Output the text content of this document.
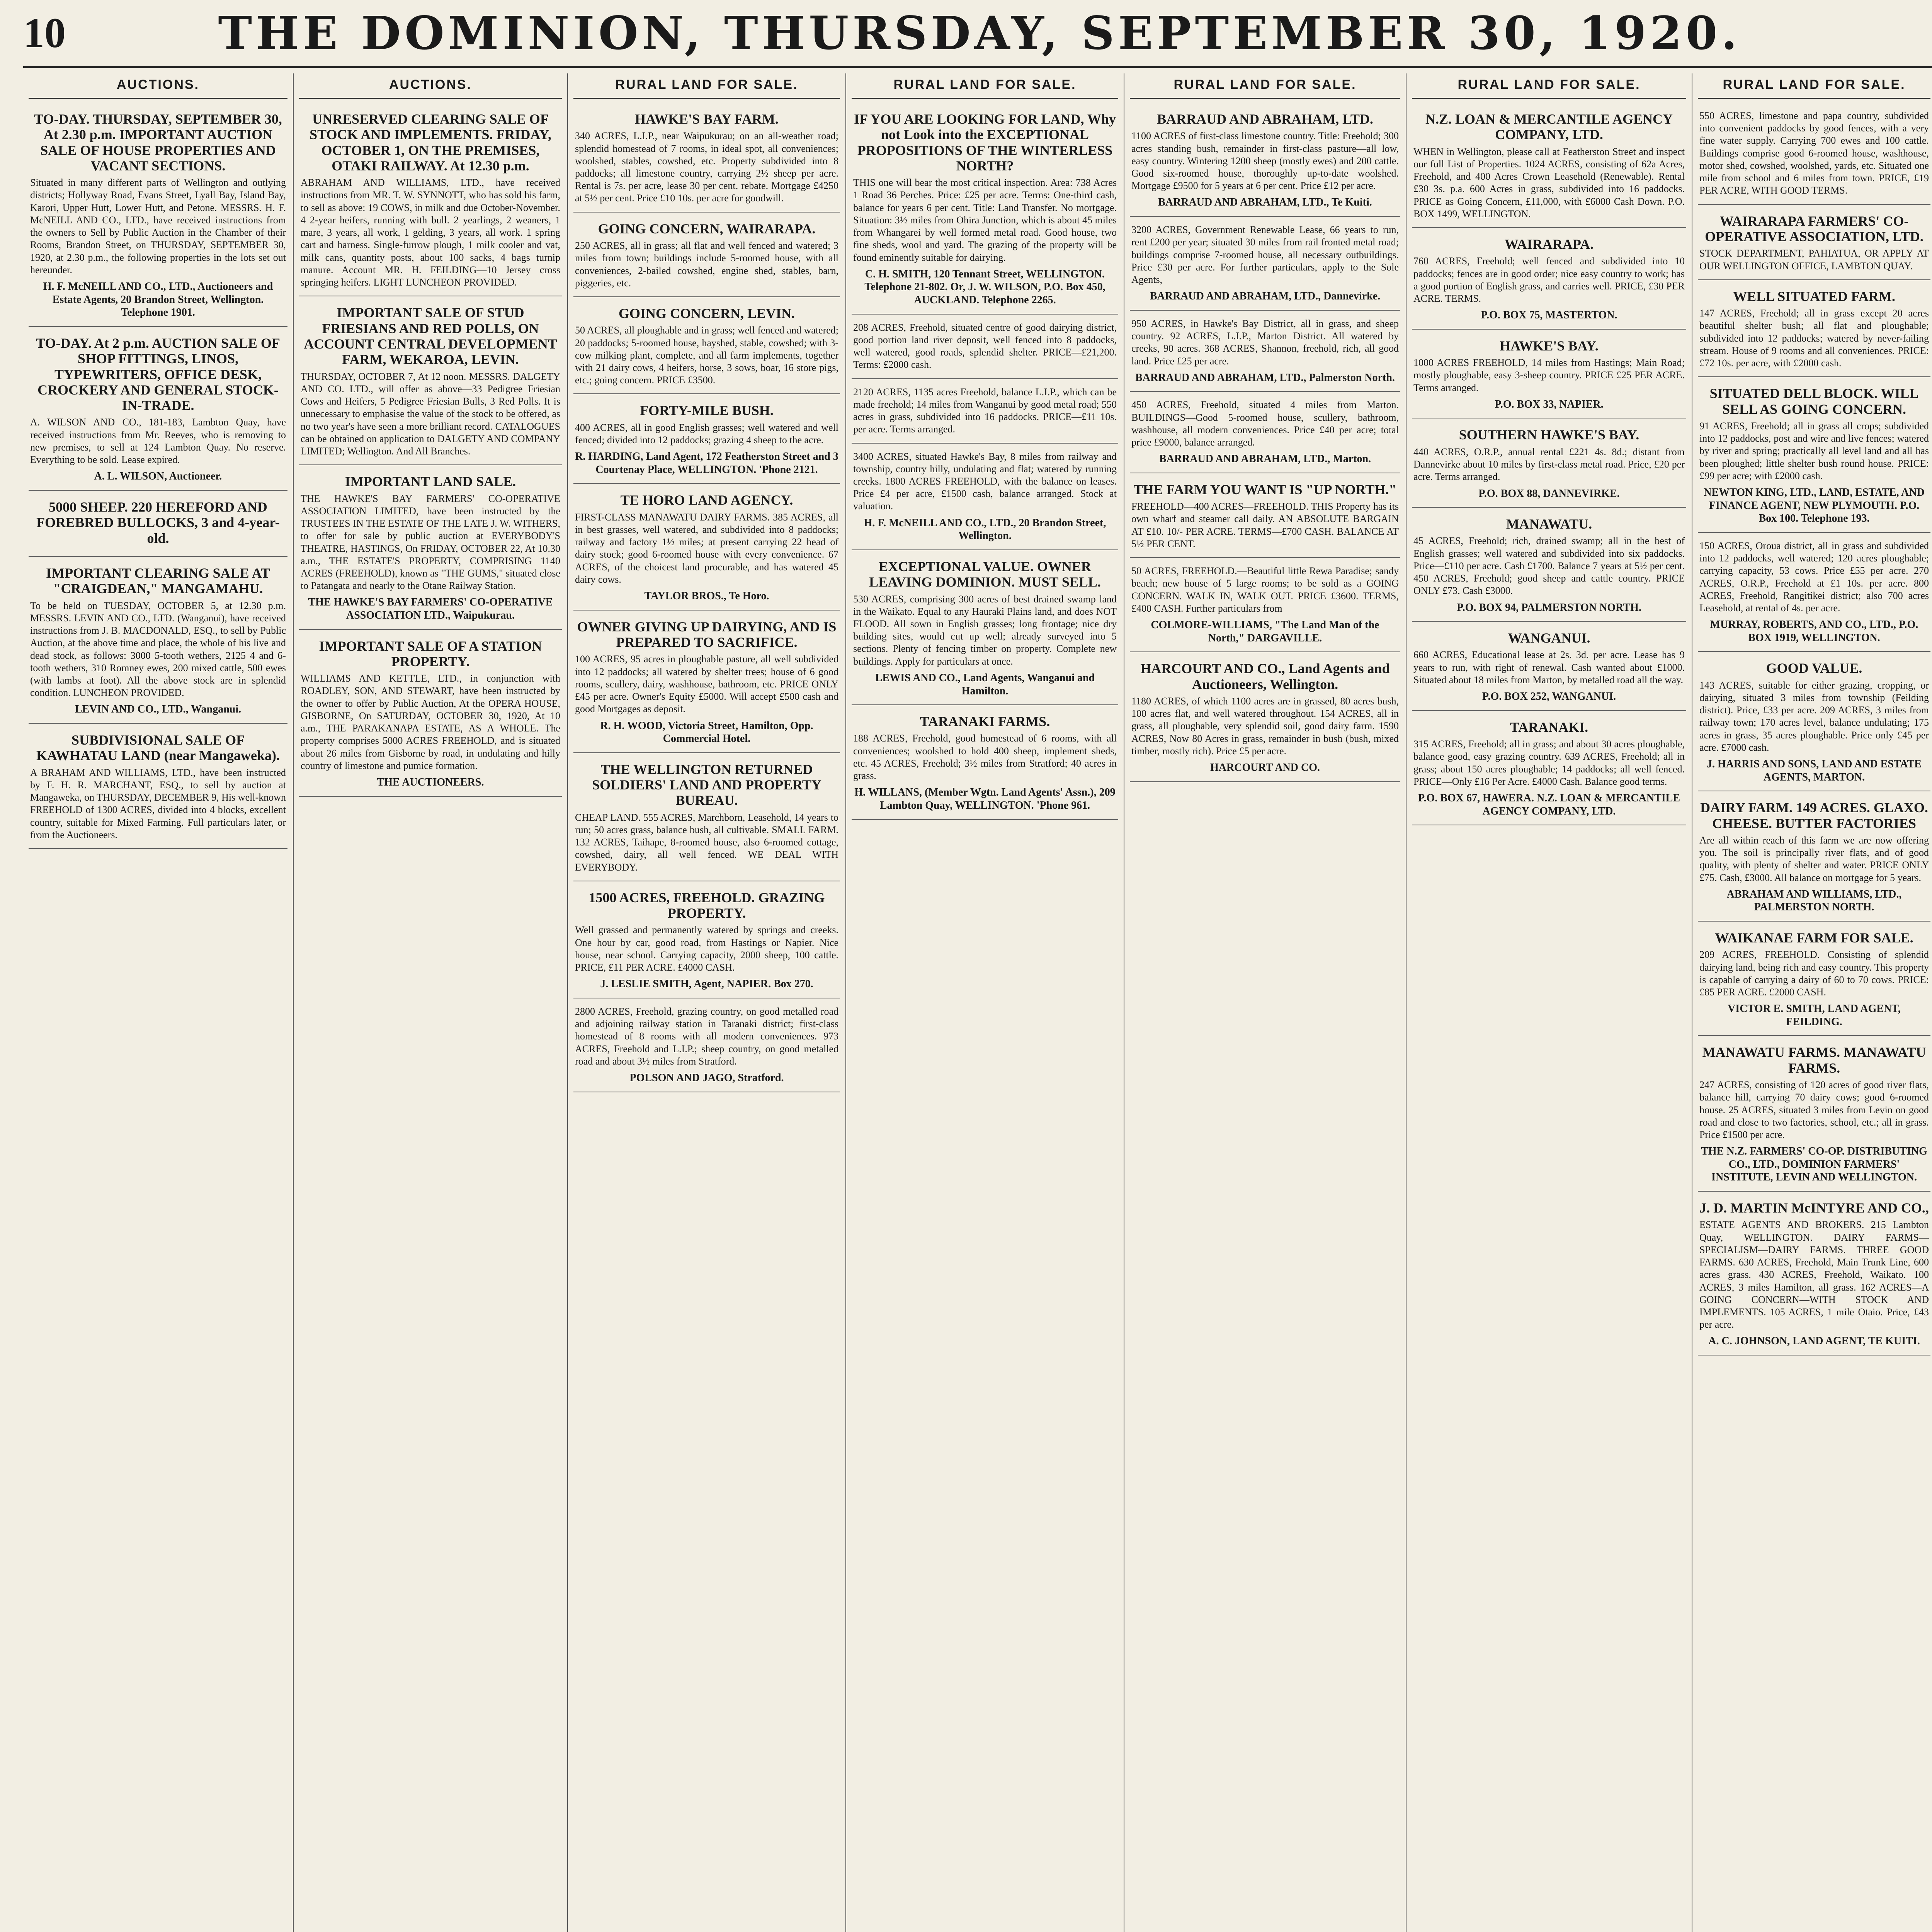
10	THE DOMINION, THURSDAY, SEPTEMBER 30, 1920.
AUCTIONS.
TO-DAY. THURSDAY, SEPTEMBER 30, At 2.30 p.m. IMPORTANT AUCTION SALE OF HOUSE PROPERTIES AND VACANT SECTIONS.
Situated in many different parts of Wellington and outlying districts; Hollyway Road, Evans Street, Lyall Bay, Island Bay, Karori, Upper Hutt, Lower Hutt, and Petone. MESSRS. H. F. McNEILL AND CO., LTD., have received instructions from the owners to Sell by Public Auction in the Chamber of their Rooms, Brandon Street, on THURSDAY, SEPTEMBER 30, 1920, at 2.30 p.m., the following properties in the lots set out hereunder.
H. F. McNEILL AND CO., LTD., Auctioneers and Estate Agents, 20 Brandon Street, Wellington. Telephone 1901.
TO-DAY. At 2 p.m. AUCTION SALE OF SHOP FITTINGS, LINOS, TYPEWRITERS, OFFICE DESK, CROCKERY AND GENERAL STOCK-IN-TRADE.
A. WILSON AND CO., 181-183, Lambton Quay, have received instructions from Mr. Reeves, who is removing to new premises, to sell at 124 Lambton Quay. No reserve. Everything to be sold. Lease expired.
A. L. WILSON, Auctioneer.
5000 SHEEP. 220 HEREFORD AND FOREBRED BULLOCKS, 3 and 4-year-old.
IMPORTANT CLEARING SALE AT "CRAIGDEAN," MANGAMAHU.
To be held on TUESDAY, OCTOBER 5, at 12.30 p.m. MESSRS. LEVIN AND CO., LTD. (Wanganui), have received instructions from J. B. MACDONALD, ESQ., to sell by Public Auction, at the above time and place, the whole of his live and dead stock, as follows: 3000 5-tooth wethers, 2125 4 and 6-tooth wethers, 310 Romney ewes, 200 mixed cattle, 500 ewes (with lambs at foot). All the above stock are in splendid condition. LUNCHEON PROVIDED.
LEVIN AND CO., LTD., Wanganui.
SUBDIVISIONAL SALE OF KAWHATAU LAND (near Mangaweka).
A BRAHAM AND WILLIAMS, LTD., have been instructed by F. H. R. MARCHANT, ESQ., to sell by auction at Mangaweka, on THURSDAY, DECEMBER 9, His well-known FREEHOLD of 1300 ACRES, divided into 4 blocks, excellent country, suitable for Mixed Farming. Full particulars later, or from the Auctioneers.
AUCTIONS.
UNRESERVED CLEARING SALE OF STOCK AND IMPLEMENTS. FRIDAY, OCTOBER 1, ON THE PREMISES, OTAKI RAILWAY. At 12.30 p.m.
ABRAHAM AND WILLIAMS, LTD., have received instructions from MR. T. W. SYNNOTT, who has sold his farm, to sell as above: 19 COWS, in milk and due October-November. 4 2-year heifers, running with bull. 2 yearlings, 2 weaners, 1 mare, 3 years, all work, 1 gelding, 3 years, all work. 1 spring cart and harness. Single-furrow plough, 1 milk cooler and vat, milk cans, quantity posts, about 100 sacks, 4 bags turnip manure. Account MR. H. FEILDING—10 Jersey cross springing heifers. LIGHT LUNCHEON PROVIDED.
IMPORTANT SALE OF STUD FRIESIANS AND RED POLLS, ON ACCOUNT CENTRAL DEVELOPMENT FARM, WEKAROA, LEVIN.
THURSDAY, OCTOBER 7, At 12 noon. MESSRS. DALGETY AND CO. LTD., will offer as above—33 Pedigree Friesian Cows and Heifers, 5 Pedigree Friesian Bulls, 3 Red Polls. It is unnecessary to emphasise the value of the stock to be offered, as no two year's have seen a more brilliant record. CATALOGUES can be obtained on application to DALGETY AND COMPANY LIMITED; Wellington. And All Branches.
IMPORTANT LAND SALE.
THE HAWKE'S BAY FARMERS' CO-OPERATIVE ASSOCIATION LIMITED, have been instructed by the TRUSTEES IN THE ESTATE OF THE LATE J. W. WITHERS, to offer for sale by public auction at EVERYBODY'S THEATRE, HASTINGS, On FRIDAY, OCTOBER 22, At 10.30 a.m., THE ESTATE'S PROPERTY, COMPRISING 1140 ACRES (FREEHOLD), known as "THE GUMS," situated close to Patangata and nearly to the Otane Railway Station.
THE HAWKE'S BAY FARMERS' CO-OPERATIVE ASSOCIATION LTD., Waipukurau.
IMPORTANT SALE OF A STATION PROPERTY.
WILLIAMS AND KETTLE, LTD., in conjunction with ROADLEY, SON, AND STEWART, have been instructed by the owner to offer by Public Auction, At the OPERA HOUSE, GISBORNE, On SATURDAY, OCTOBER 30, 1920, At 10 a.m., THE PARAKANAPA ESTATE, AS A WHOLE. The property comprises 5000 ACRES FREEHOLD, and is situated about 26 miles from Gisborne by road, in undulating and hilly country of limestone and pumice formation.
THE AUCTIONEERS.
RURAL LAND FOR SALE.
HAWKE'S BAY FARM.
340 ACRES, L.I.P., near Waipukurau; on an all-weather road; splendid homestead of 7 rooms, in ideal spot, all conveniences; woolshed, stables, cowshed, etc. Property subdivided into 8 paddocks; all limestone country, carrying 2½ sheep per acre. Rental is 7s. per acre, lease 30 per cent. rebate. Mortgage £4250 at 5½ per cent. Price £10 10s. per acre for goodwill.
GOING CONCERN, WAIRARAPA.
250 ACRES, all in grass; all flat and well fenced and watered; 3 miles from town; buildings include 5-roomed house, with all conveniences, 2-bailed cowshed, engine shed, stables, barn, piggeries, etc.
GOING CONCERN, LEVIN.
50 ACRES, all ploughable and in grass; well fenced and watered; 20 paddocks; 5-roomed house, hayshed, stable, cowshed; with 3-cow milking plant, complete, and all farm implements, together with 21 dairy cows, 4 heifers, horse, 3 sows, boar, 16 store pigs, etc.; going concern. PRICE £3500.
FORTY-MILE BUSH.
400 ACRES, all in good English grasses; well watered and well fenced; divided into 12 paddocks; grazing 4 sheep to the acre.
R. HARDING, Land Agent, 172 Featherston Street and 3 Courtenay Place, WELLINGTON. 'Phone 2121.
TE HORO LAND AGENCY.
FIRST-CLASS MANAWATU DAIRY FARMS. 385 ACRES, all in best grasses, well watered, and subdivided into 8 paddocks; railway and factory 1½ miles; at present carrying 22 head of dairy stock; good 6-roomed house with every convenience. 67 ACRES, of the choicest land procurable, and has watered 45 dairy cows.
TAYLOR BROS., Te Horo.
OWNER GIVING UP DAIRYING, AND IS PREPARED TO SACRIFICE.
100 ACRES, 95 acres in ploughable pasture, all well subdivided into 12 paddocks; all watered by shelter trees; house of 6 good rooms, scullery, dairy, washhouse, bathroom, etc. PRICE ONLY £45 per acre. Owner's Equity £5000. Will accept £500 cash and good Mortgages as deposit.
R. H. WOOD, Victoria Street, Hamilton, Opp. Commercial Hotel.
THE WELLINGTON RETURNED SOLDIERS' LAND AND PROPERTY BUREAU.
CHEAP LAND. 555 ACRES, Marchborn, Leasehold, 14 years to run; 50 acres grass, balance bush, all cultivable. SMALL FARM. 132 ACRES, Taihape, 8-roomed house, also 6-roomed cottage, cowshed, dairy, all well fenced. WE DEAL WITH EVERYBODY.
1500 ACRES, FREEHOLD. GRAZING PROPERTY.
Well grassed and permanently watered by springs and creeks. One hour by car, good road, from Hastings or Napier. Nice house, near school. Carrying capacity, 2000 sheep, 100 cattle. PRICE, £11 PER ACRE. £4000 CASH.
J. LESLIE SMITH, Agent, NAPIER. Box 270.
2800 ACRES, Freehold, grazing country, on good metalled road and adjoining railway station in Taranaki district; first-class homestead of 8 rooms with all modern conveniences. 973 ACRES, Freehold and L.I.P.; sheep country, on good metalled road and about 3½ miles from Stratford.
POLSON AND JAGO, Stratford.
RURAL LAND FOR SALE.
IF YOU ARE LOOKING FOR LAND, Why not Look into the EXCEPTIONAL PROPOSITIONS OF THE WINTERLESS NORTH?
THIS one will bear the most critical inspection. Area: 738 Acres 1 Road 36 Perches. Price: £25 per acre. Terms: One-third cash, balance for years 6 per cent. Title: Land Transfer. No mortgage. Situation: 3½ miles from Ohira Junction, which is about 45 miles from Whangarei by well formed metal road. Good house, two fine sheds, wool and yard. The grazing of the property will be found eminently suitable for dairying.
C. H. SMITH, 120 Tennant Street, WELLINGTON. Telephone 21-802. Or, J. W. WILSON, P.O. Box 450, AUCKLAND. Telephone 2265.
208 ACRES, Freehold, situated centre of good dairying district, good portion land river deposit, well fenced into 8 paddocks, well watered, good roads, splendid shelter. PRICE—£21,200. Terms: £2000 cash.
2120 ACRES, 1135 acres Freehold, balance L.I.P., which can be made freehold; 14 miles from Wanganui by good metal road; 550 acres in grass, subdivided into 16 paddocks. PRICE—£11 10s. per acre. Terms arranged.
3400 ACRES, situated Hawke's Bay, 8 miles from railway and township, country hilly, undulating and flat; watered by running creeks. 1800 ACRES FREEHOLD, with the balance on leases. Price £4 per acre, £1500 cash, balance arranged. Stock at valuation.
H. F. McNEILL AND CO., LTD., 20 Brandon Street, Wellington.
EXCEPTIONAL VALUE. OWNER LEAVING DOMINION. MUST SELL.
530 ACRES, comprising 300 acres of best drained swamp land in the Waikato. Equal to any Hauraki Plains land, and does NOT FLOOD. All sown in English grasses; long frontage; nice dry building sites, would cut up well; already surveyed into 5 sections. Plenty of fencing timber on property. Complete new buildings. Apply for particulars at once.
LEWIS AND CO., Land Agents, Wanganui and Hamilton.
TARANAKI FARMS.
188 ACRES, Freehold, good homestead of 6 rooms, with all conveniences; woolshed to hold 400 sheep, implement sheds, etc. 45 ACRES, Freehold; 3½ miles from Stratford; 40 acres in grass.
H. WILLANS, (Member Wgtn. Land Agents' Assn.), 209 Lambton Quay, WELLINGTON. 'Phone 961.
RURAL LAND FOR SALE.
BARRAUD AND ABRAHAM, LTD.
1100 ACRES of first-class limestone country. Title: Freehold; 300 acres standing bush, remainder in first-class pasture—all low, easy country. Wintering 1200 sheep (mostly ewes) and 200 cattle. Good six-roomed house, thoroughly up-to-date woolshed. Mortgage £9500 for 5 years at 6 per cent. Price £12 per acre.
BARRAUD AND ABRAHAM, LTD., Te Kuiti.
3200 ACRES, Government Renewable Lease, 66 years to run, rent £200 per year; situated 30 miles from rail fronted metal road; buildings comprise 7-roomed house, all necessary outbuildings. Price £30 per acre. For further particulars, apply to the Sole Agents,
BARRAUD AND ABRAHAM, LTD., Dannevirke.
950 ACRES, in Hawke's Bay District, all in grass, and sheep country. 92 ACRES, L.I.P., Marton District. All watered by creeks, 90 acres. 368 ACRES, Shannon, freehold, rich, all good land. Price £25 per acre.
BARRAUD AND ABRAHAM, LTD., Palmerston North.
450 ACRES, Freehold, situated 4 miles from Marton. BUILDINGS—Good 5-roomed house, scullery, bathroom, washhouse, all modern conveniences. Price £40 per acre; total price £9000, balance arranged.
BARRAUD AND ABRAHAM, LTD., Marton.
THE FARM YOU WANT IS "UP NORTH."
FREEHOLD—400 ACRES—FREEHOLD. THIS Property has its own wharf and steamer call daily. AN ABSOLUTE BARGAIN AT £10. 10/- PER ACRE. TERMS—£700 CASH. BALANCE AT 5½ PER CENT.
50 ACRES, FREEHOLD.—Beautiful little Rewa Paradise; sandy beach; new house of 5 large rooms; to be sold as a GOING CONCERN. WALK IN, WALK OUT. PRICE £3600. TERMS, £400 CASH. Further particulars from
COLMORE-WILLIAMS, "The Land Man of the North," DARGAVILLE.
HARCOURT AND CO., Land Agents and Auctioneers, Wellington.
1180 ACRES, of which 1100 acres are in grassed, 80 acres bush, 100 acres flat, and well watered throughout. 154 ACRES, all in grass, all ploughable, very splendid soil, good dairy farm. 1590 ACRES, Now 80 Acres in grass, remainder in bush (bush, mixed timber, mostly rich). Price £5 per acre.
HARCOURT AND CO.
RURAL LAND FOR SALE.
N.Z. LOAN & MERCANTILE AGENCY COMPANY, LTD.
WHEN in Wellington, please call at Featherston Street and inspect our full List of Properties. 1024 ACRES, consisting of 62a Acres, Freehold, and 400 Acres Crown Leasehold (Renewable). Rental £30 3s. p.a. 600 Acres in grass, subdivided into 16 paddocks. PRICE as Going Concern, £11,000, with £6000 Cash Down. P.O. BOX 1499, WELLINGTON.
WAIRARAPA.
760 ACRES, Freehold; well fenced and subdivided into 10 paddocks; fences are in good order; nice easy country to work; has a good portion of English grass, and carries well. PRICE, £30 PER ACRE. TERMS.
P.O. BOX 75, MASTERTON.
HAWKE'S BAY.
1000 ACRES FREEHOLD, 14 miles from Hastings; Main Road; mostly ploughable, easy 3-sheep country. PRICE £25 PER ACRE. Terms arranged.
P.O. BOX 33, NAPIER.
SOUTHERN HAWKE'S BAY.
440 ACRES, O.R.P., annual rental £221 4s. 8d.; distant from Dannevirke about 10 miles by first-class metal road. Price, £20 per acre. Terms arranged.
P.O. BOX 88, DANNEVIRKE.
MANAWATU.
45 ACRES, Freehold; rich, drained swamp; all in the best of English grasses; well watered and subdivided into six paddocks. Price—£110 per acre. Cash £1700. Balance 7 years at 5½ per cent. 450 ACRES, Freehold; good sheep and cattle country. PRICE ONLY £73. Cash £3000.
P.O. BOX 94, PALMERSTON NORTH.
WANGANUI.
660 ACRES, Educational lease at 2s. 3d. per acre. Lease has 9 years to run, with right of renewal. Cash wanted about £1000. Situated about 18 miles from Marton, by metalled road all the way.
P.O. BOX 252, WANGANUI.
TARANAKI.
315 ACRES, Freehold; all in grass; and about 30 acres ploughable, balance good, easy grazing country. 639 ACRES, Freehold; all in grass; about 150 acres ploughable; 14 paddocks; all well fenced. PRICE—Only £16 Per Acre. £4000 Cash. Balance good terms.
P.O. BOX 67, HAWERA. N.Z. LOAN & MERCANTILE AGENCY COMPANY, LTD.
RURAL LAND FOR SALE.
550 ACRES, limestone and papa country, subdivided into convenient paddocks by good fences, with a very fine water supply. Carrying 700 ewes and 100 cattle. Buildings comprise good 6-roomed house, washhouse, motor shed, cowshed, woolshed, yards, etc. Situated one mile from school and 6 miles from town. PRICE, £19 PER ACRE, WITH GOOD TERMS.
WAIRARAPA FARMERS' CO-OPERATIVE ASSOCIATION, LTD.
STOCK DEPARTMENT, PAHIATUA, OR APPLY AT OUR WELLINGTON OFFICE, LAMBTON QUAY.
WELL SITUATED FARM.
147 ACRES, Freehold; all in grass except 20 acres beautiful shelter bush; all flat and ploughable; subdivided into 12 paddocks; watered by never-failing stream. House of 9 rooms and all conveniences. PRICE: £72 10s. per acre, with £2000 cash.
SITUATED DELL BLOCK. WILL SELL AS GOING CONCERN.
91 ACRES, Freehold; all in grass all crops; subdivided into 12 paddocks, post and wire and live fences; watered by river and spring; practically all level land and all has been ploughed; little shelter bush round house. PRICE: £99 per acre; with £2000 cash.
NEWTON KING, LTD., LAND, ESTATE, AND FINANCE AGENT, NEW PLYMOUTH. P.O. Box 100. Telephone 193.
150 ACRES, Oroua district, all in grass and subdivided into 12 paddocks, well watered; 120 acres ploughable; carrying capacity, 53 cows. Price £55 per acre. 270 ACRES, O.R.P., Freehold at £1 10s. per acre. 800 ACRES, Freehold, Rangitikei district; also 700 acres Leasehold, at rental of 4s. per acre.
MURRAY, ROBERTS, AND CO., LTD., P.O. BOX 1919, WELLINGTON.
GOOD VALUE.
143 ACRES, suitable for either grazing, cropping, or dairying, situated 3 miles from township (Feilding district). Price, £33 per acre. 209 ACRES, 3 miles from railway town; 170 acres level, balance undulating; 175 acres in grass, 35 acres ploughable. Price only £45 per acre. £7000 cash.
J. HARRIS AND SONS, LAND AND ESTATE AGENTS, MARTON.
DAIRY FARM. 149 ACRES. GLAXO. CHEESE. BUTTER FACTORIES
Are all within reach of this farm we are now offering you. The soil is principally river flats, and of good quality, with plenty of shelter and water. PRICE ONLY £75. Cash, £3000. All balance on mortgage for 5 years.
ABRAHAM AND WILLIAMS, LTD., PALMERSTON NORTH.
WAIKANAE FARM FOR SALE.
209 ACRES, FREEHOLD. Consisting of splendid dairying land, being rich and easy country. This property is capable of carrying a dairy of 60 to 70 cows. PRICE: £85 PER ACRE. £2000 CASH.
VICTOR E. SMITH, LAND AGENT, FEILDING.
MANAWATU FARMS. MANAWATU FARMS.
247 ACRES, consisting of 120 acres of good river flats, balance hill, carrying 70 dairy cows; good 6-roomed house. 25 ACRES, situated 3 miles from Levin on good road and close to two factories, school, etc.; all in grass. Price £1500 per acre.
THE N.Z. FARMERS' CO-OP. DISTRIBUTING CO., LTD., DOMINION FARMERS' INSTITUTE, LEVIN AND WELLINGTON.
J. D. MARTIN McINTYRE AND CO.,
ESTATE AGENTS AND BROKERS. 215 Lambton Quay, WELLINGTON. DAIRY FARMS—SPECIALISM—DAIRY FARMS. THREE GOOD FARMS. 630 ACRES, Freehold, Main Trunk Line, 600 acres grass. 430 ACRES, Freehold, Waikato. 100 ACRES, 3 miles Hamilton, all grass. 162 ACRES—A GOING CONCERN—WITH STOCK AND IMPLEMENTS. 105 ACRES, 1 mile Otaio. Price, £43 per acre.
A. C. JOHNSON, LAND AGENT, TE KUITI.
